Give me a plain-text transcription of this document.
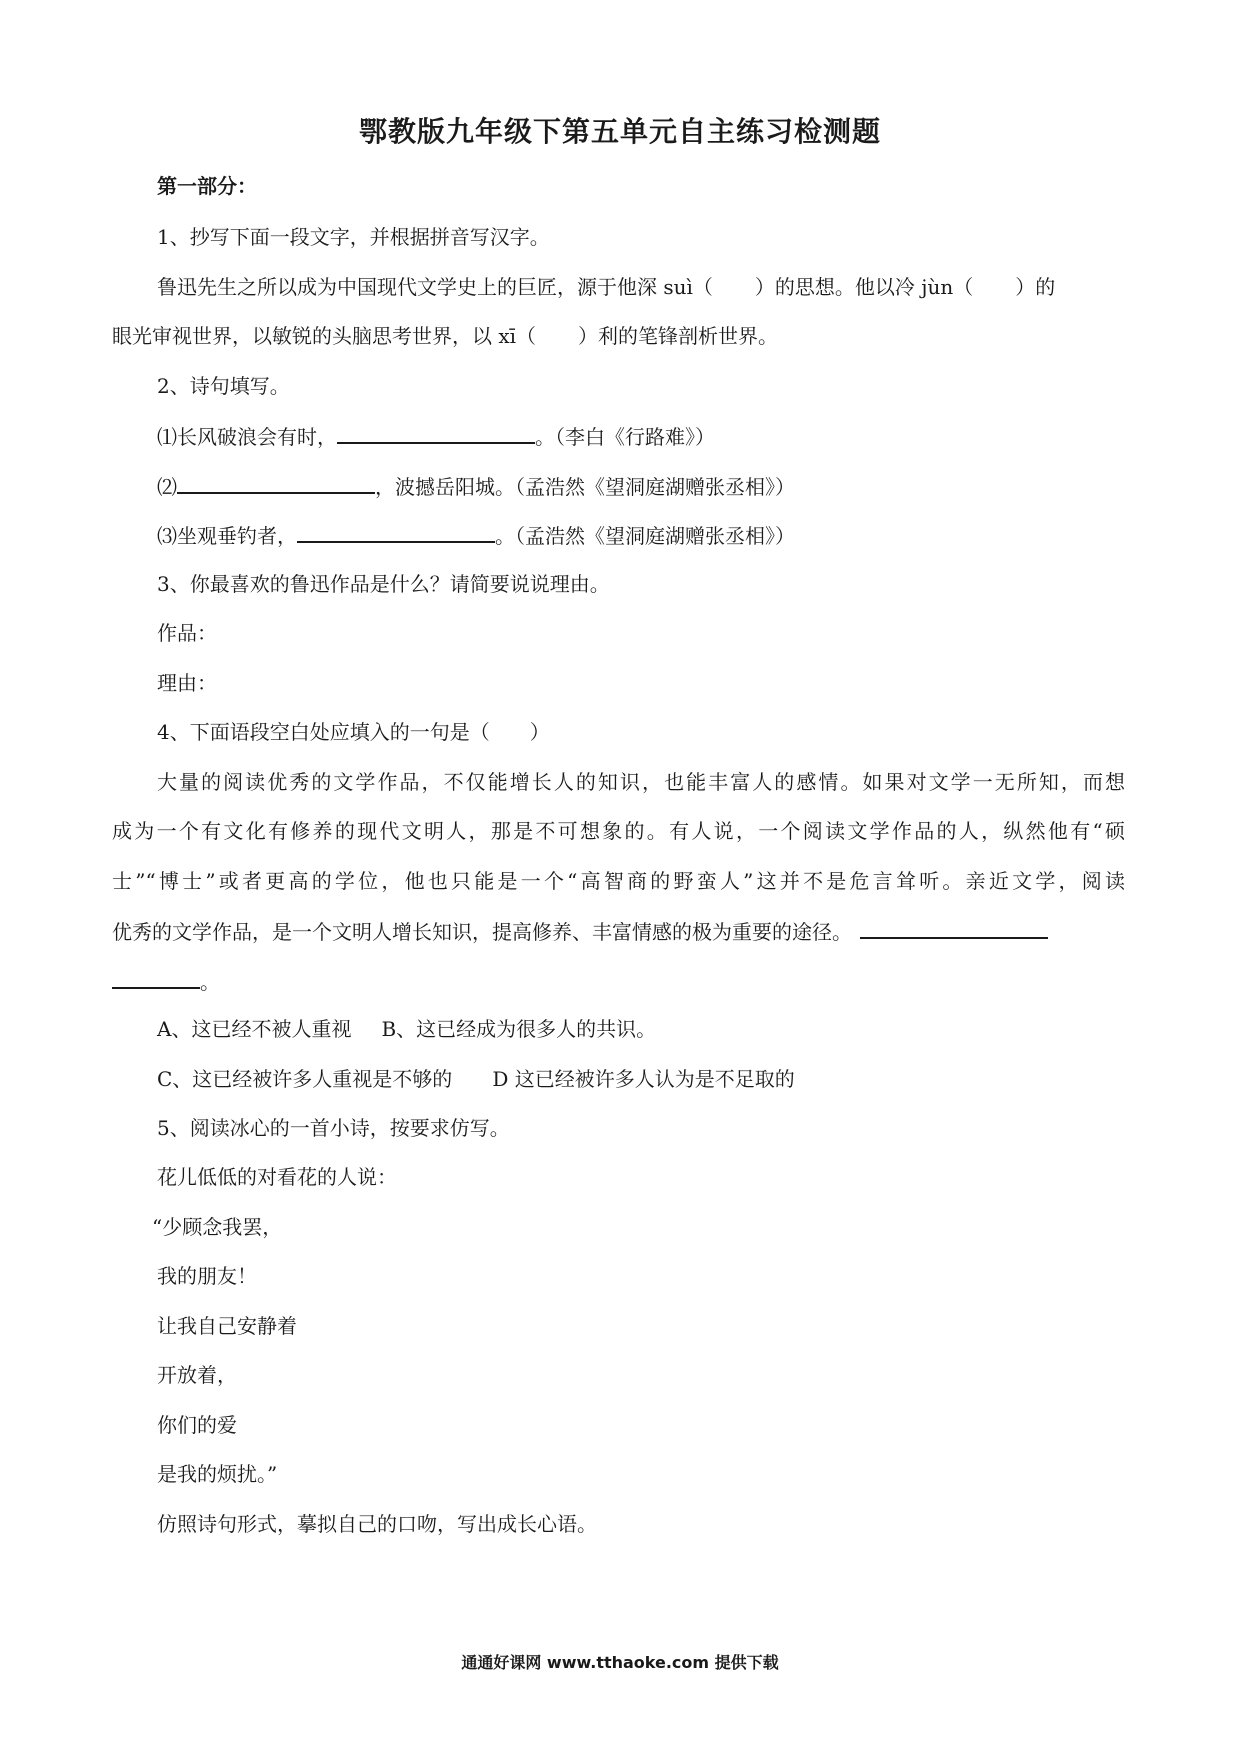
鄂教版九年级下第五单元自主练习检测题
第一部分：
1、抄写下面一段文字，并根据拼音写汉字。
鲁迅先生之所以成为中国现代文学史上的巨匠，源于他深 suì（ ）的思想。他以冷 jùn（ ）的
眼光审视世界，以敏锐的头脑思考世界，以 xī（ ）利的笔锋剖析世界。
2、诗句填写。
⑴长风破浪会有时，	。（李白《行路难》）
⑵	，波撼岳阳城。（孟浩然《望洞庭湖赠张丞相》）
⑶坐观垂钓者，	。（孟浩然《望洞庭湖赠张丞相》）
3、你最喜欢的鲁迅作品是什么？请简要说说理由。
作品：
理由：
4、下面语段空白处应填入的一句是（　　）
大量的阅读优秀的文学作品，不仅能增长人的知识，也能丰富人的感情。如果对文学一无所知，而想
成为一个有文化有修养的现代文明人，那是不可想象的。有人说，一个阅读文学作品的人，纵然他有“硕
士”“博士”或者更高的学位，他也只能是一个“高智商的野蛮人”这并不是危言耸听。亲近文学，阅读
优秀的文学作品，是一个文明人增长知识，提高修养、丰富情感的极为重要的途径。
。
A、这已经不被人重视 B、这已经成为很多人的共识。
C、这已经被许多人重视是不够的 D 这已经被许多人认为是不足取的
5、阅读冰心的一首小诗，按要求仿写。
花儿低低的对看花的人说：
“少顾念我罢，
我的朋友！
让我自己安静着
开放着，
你们的爱
是我的烦扰。”
仿照诗句形式，摹拟自己的口吻，写出成长心语。
通通好课网 www.tthaoke.com 提供下载
